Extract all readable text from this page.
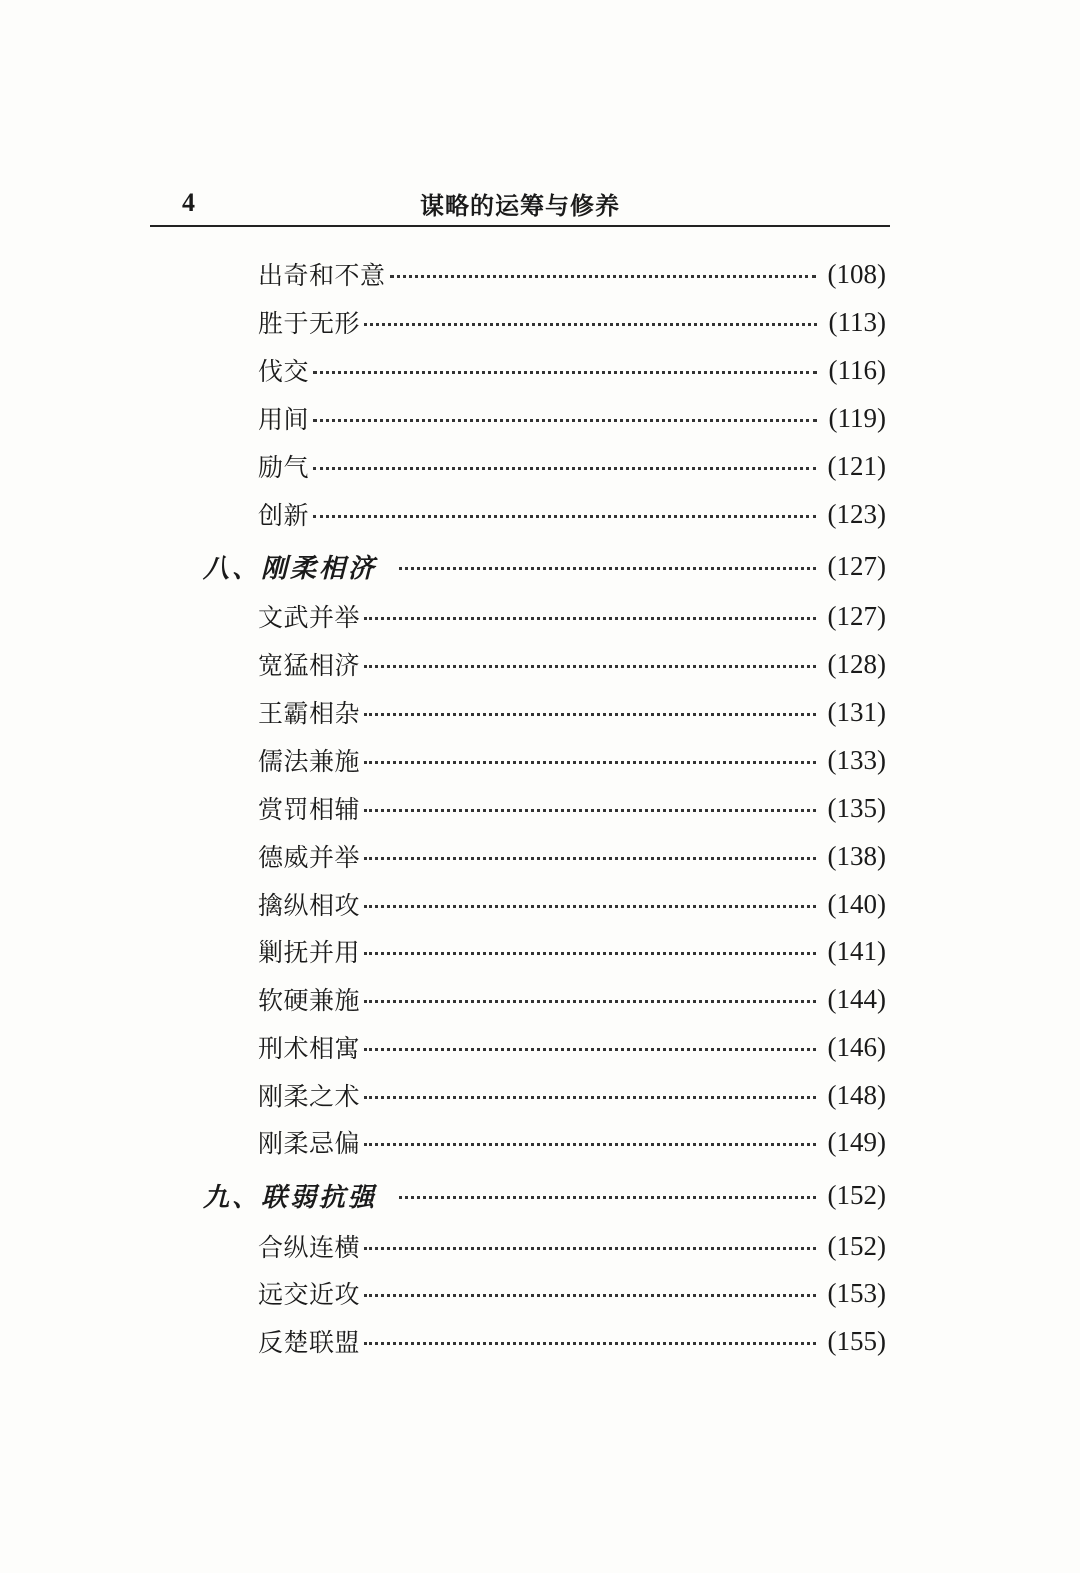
4	谋略的运筹与修养
出奇和不意	(108)
胜于无形	(113)
伐交	(116)
用间	(119)
励气	(121)
创新	(123)
八、刚柔相济	(127)
文武并举	(127)
宽猛相济	(128)
王霸相杂	(131)
儒法兼施	(133)
赏罚相辅	(135)
德威并举	(138)
擒纵相攻	(140)
剿抚并用	(141)
软硬兼施	(144)
刑术相寓	(146)
刚柔之术	(148)
刚柔忌偏	(149)
九、联弱抗强	(152)
合纵连横	(152)
远交近攻	(153)
反楚联盟	(155)
